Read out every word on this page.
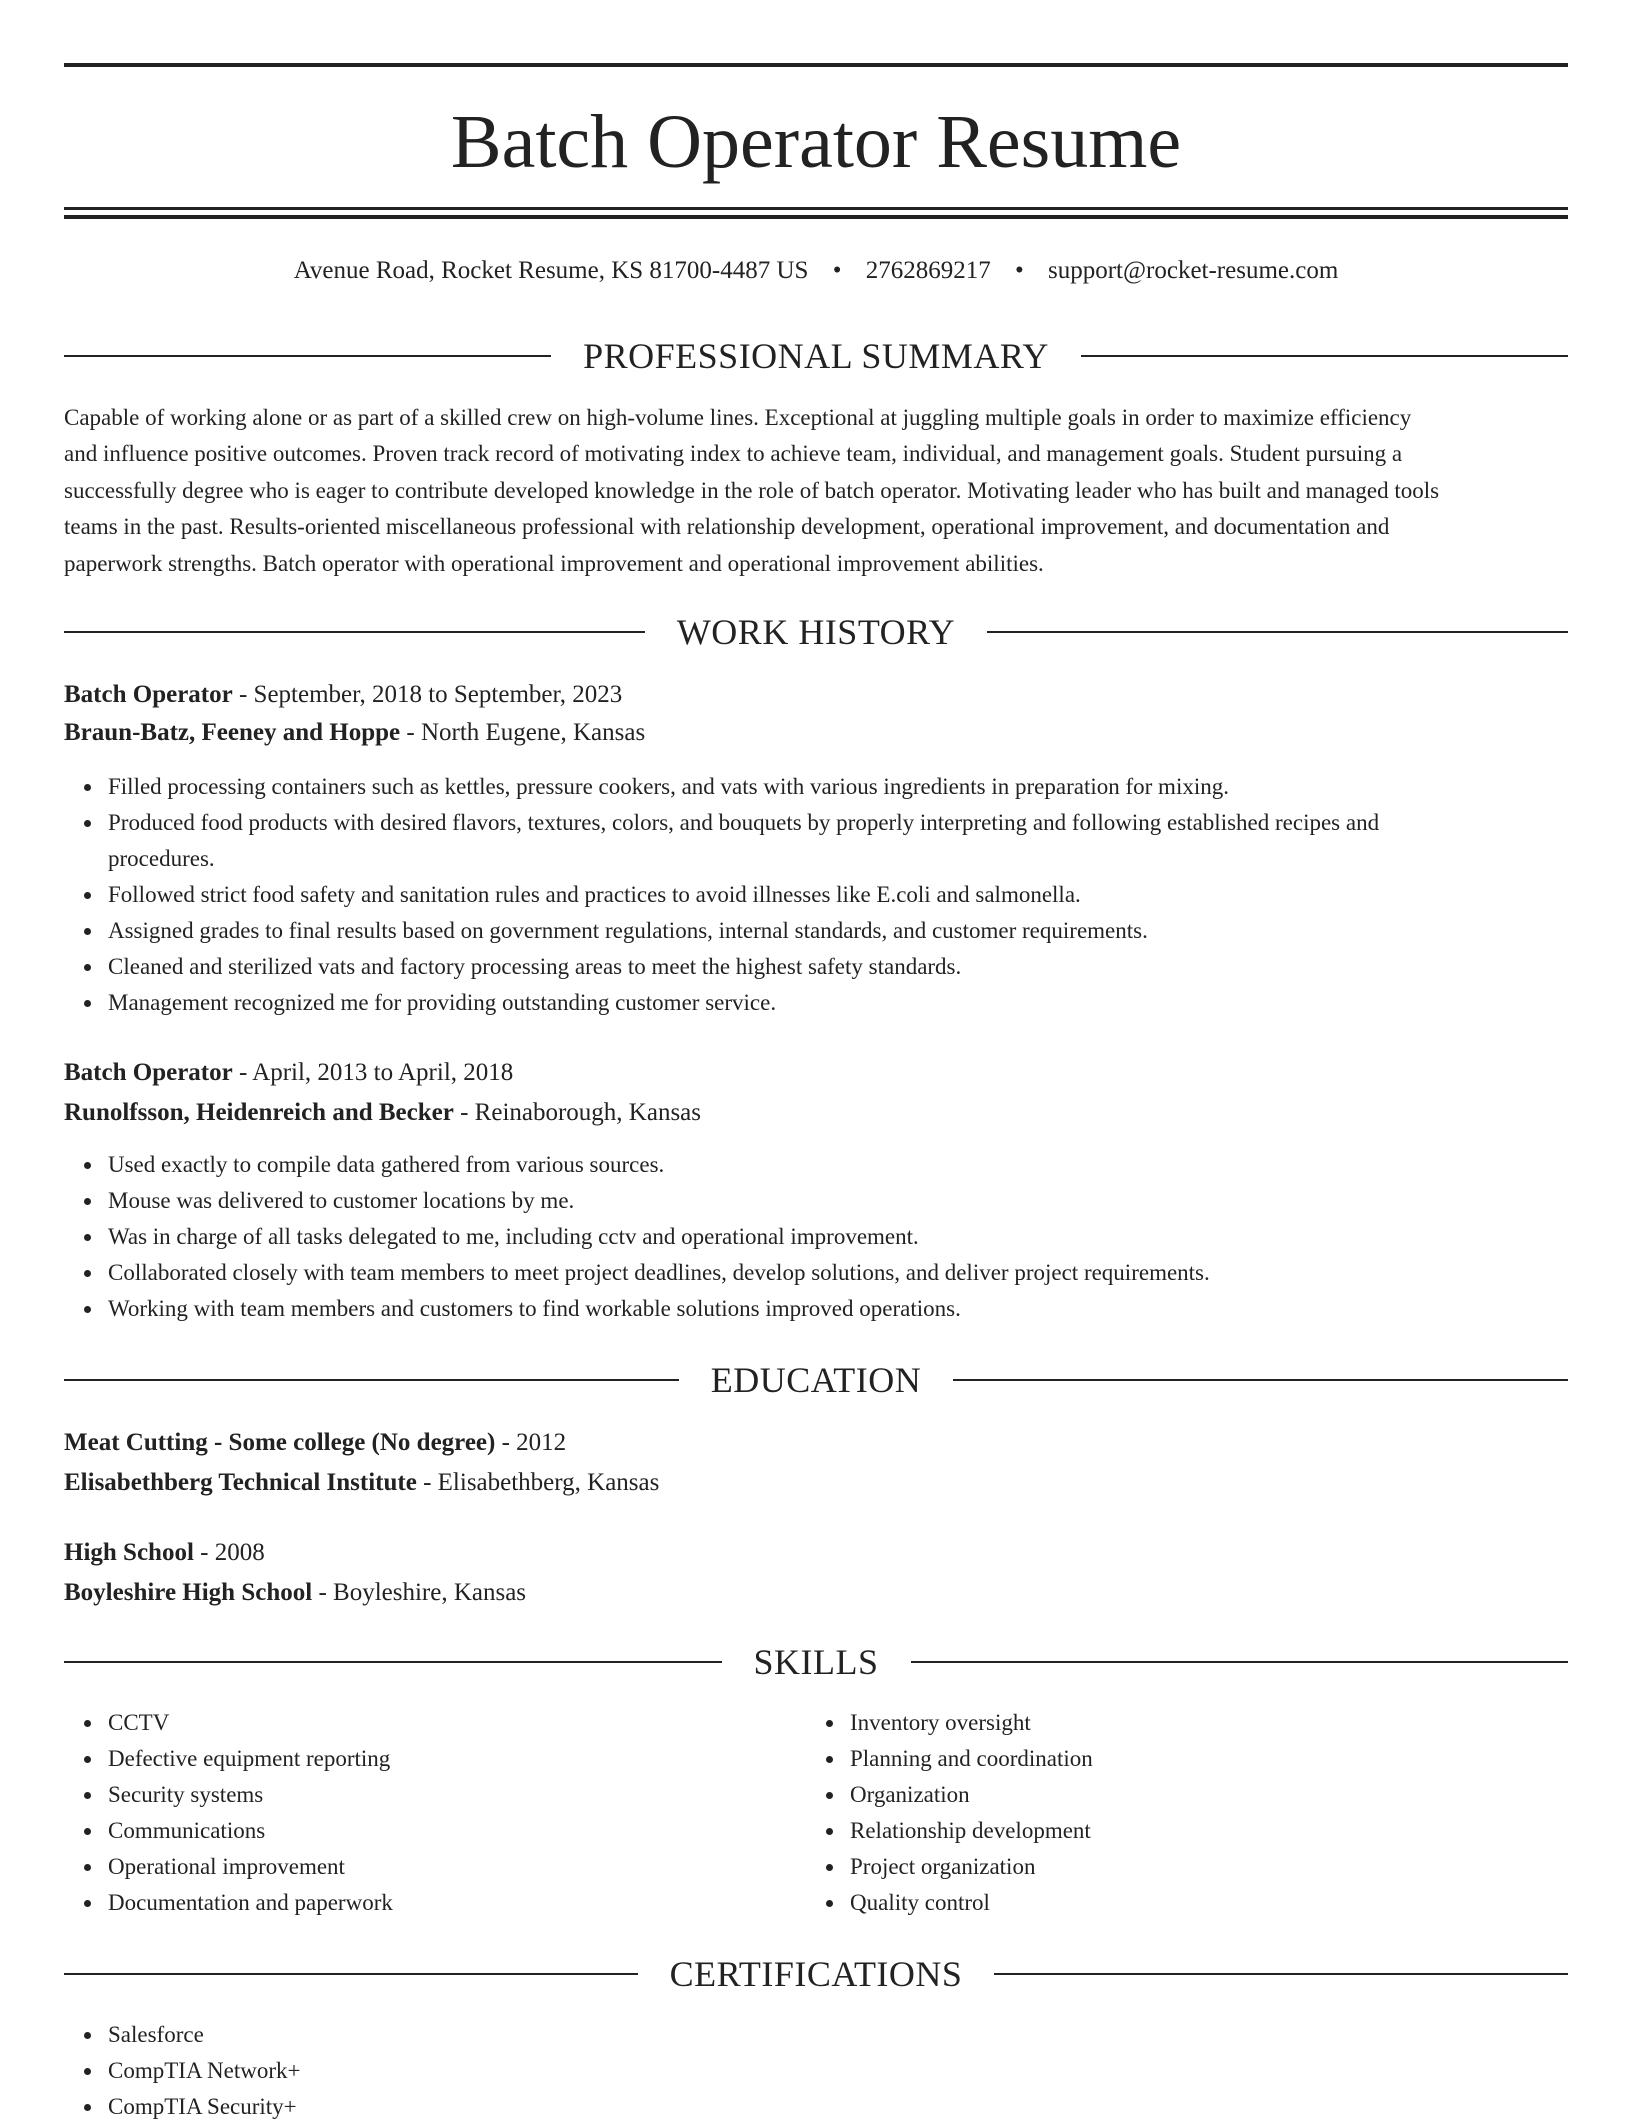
Batch Operator Resume
Avenue Road, Rocket Resume, KS 81700-4487 US • 2762869217 • support@rocket-resume.com
PROFESSIONAL SUMMARY
Capable of working alone or as part of a skilled crew on high-volume lines. Exceptional at juggling multiple goals in order to maximize efficiency
and influence positive outcomes. Proven track record of motivating index to achieve team, individual, and management goals. Student pursuing a
successfully degree who is eager to contribute developed knowledge in the role of batch operator. Motivating leader who has built and managed tools
teams in the past. Results-oriented miscellaneous professional with relationship development, operational improvement, and documentation and
paperwork strengths. Batch operator with operational improvement and operational improvement abilities.
WORK HISTORY
Batch Operator - September, 2018 to September, 2023
Braun-Batz, Feeney and Hoppe - North Eugene, Kansas
Filled processing containers such as kettles, pressure cookers, and vats with various ingredients in preparation for mixing.
Produced food products with desired flavors, textures, colors, and bouquets by properly interpreting and following established recipes and
procedures.
Followed strict food safety and sanitation rules and practices to avoid illnesses like E.coli and salmonella.
Assigned grades to final results based on government regulations, internal standards, and customer requirements.
Cleaned and sterilized vats and factory processing areas to meet the highest safety standards.
Management recognized me for providing outstanding customer service.
Batch Operator - April, 2013 to April, 2018
Runolfsson, Heidenreich and Becker - Reinaborough, Kansas
Used exactly to compile data gathered from various sources.
Mouse was delivered to customer locations by me.
Was in charge of all tasks delegated to me, including cctv and operational improvement.
Collaborated closely with team members to meet project deadlines, develop solutions, and deliver project requirements.
Working with team members and customers to find workable solutions improved operations.
EDUCATION
Meat Cutting - Some college (No degree) - 2012
Elisabethberg Technical Institute - Elisabethberg, Kansas
High School - 2008
Boyleshire High School - Boyleshire, Kansas
SKILLS
CCTV
Defective equipment reporting
Security systems
Communications
Operational improvement
Documentation and paperwork
Inventory oversight
Planning and coordination
Organization
Relationship development
Project organization
Quality control
CERTIFICATIONS
Salesforce
CompTIA Network+
CompTIA Security+
